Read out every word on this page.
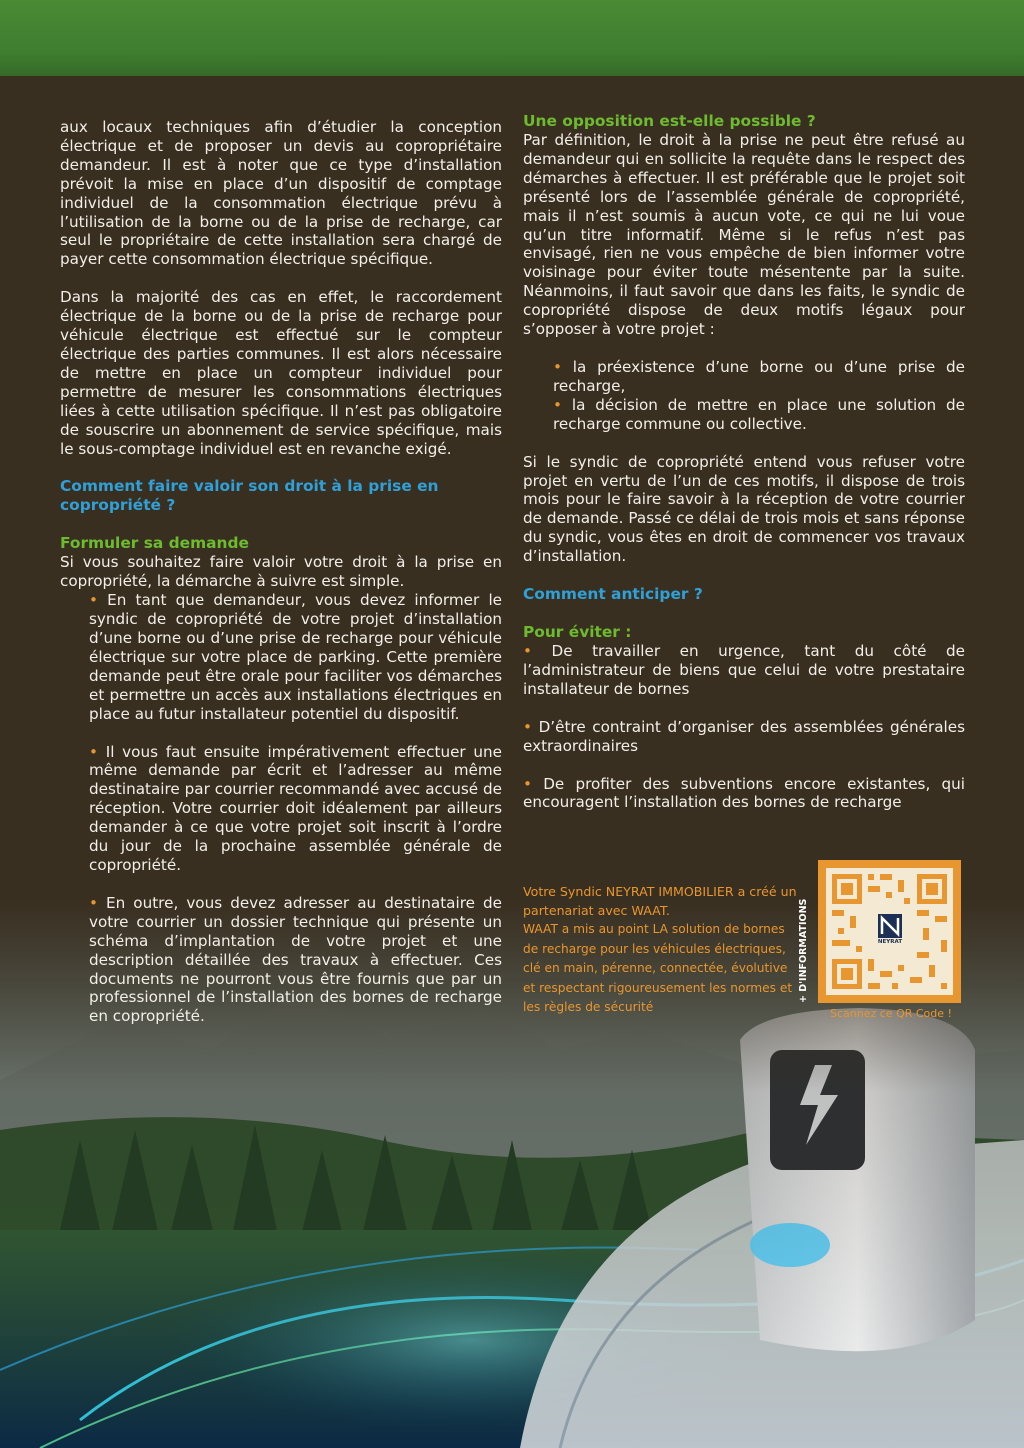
aux locaux techniques afin d’étudier la conception électrique et de proposer un devis au copropriétaire demandeur. Il est à noter que ce type d’installation prévoit la mise en place d’un dispositif de comptage individuel de la consommation électrique prévu à l’utilisation de la borne ou de la prise de recharge, car seul le propriétaire de cette installation sera chargé de payer cette consommation électrique spécifique.

Dans la majorité des cas en effet, le raccordement électrique de la borne ou de la prise de recharge pour véhicule électrique est effectué sur le compteur électrique des parties communes. Il est alors nécessaire de mettre en place un compteur individuel pour permettre de mesurer les consommations électriques liées à cette utilisation spécifique. Il n’est pas obligatoire de souscrire un abonnement de service spécifique, mais le sous-comptage individuel est en revanche exigé.

Comment faire valoir son droit à la prise en copropriété ?
Formuler sa demande

Si vous souhaitez faire valoir votre droit à la prise en copropriété, la démarche à suivre est simple.

• En tant que demandeur, vous devez informer le syndic de copropriété de votre projet d’installation d’une borne ou d’une prise de recharge pour véhicule électrique sur votre place de parking. Cette première demande peut être orale pour faciliter vos démarches et permettre un accès aux installations électriques en place au futur installateur potentiel du dispositif.

• Il vous faut ensuite impérativement effectuer une même demande par écrit et l’adresser au même destinataire par courrier recommandé avec accusé de réception. Votre courrier doit idéalement par ailleurs demander à ce que votre projet soit inscrit à l’ordre du jour de la prochaine assemblée générale de copropriété.

• En outre, vous devez adresser au destinataire de votre courrier un dossier technique qui présente un schéma d’implantation de votre projet et une description détaillée des travaux à effectuer. Ces documents ne pourront vous être fournis que par un professionnel de l’installation des bornes de recharge en copropriété.

Une opposition est-elle possible ?

Par définition, le droit à la prise ne peut être refusé au demandeur qui en sollicite la requête dans le respect des démarches à effectuer. Il est préférable que le projet soit présenté lors de l’assemblée générale de copropriété, mais il n’est soumis à aucun vote, ce qui ne lui voue qu’un titre informatif. Même si le refus n’est pas envisagé, rien ne vous empêche de bien informer votre voisinage pour éviter toute mésentente par la suite. Néanmoins, il faut savoir que dans les faits, le syndic de copropriété dispose de deux motifs légaux pour s’opposer à votre projet :

• la préexistence d’une borne ou d’une prise de recharge,

• la décision de mettre en place une solution de recharge commune ou collective.

Si le syndic de copropriété entend vous refuser votre projet en vertu de l’un de ces motifs, il dispose de trois mois pour le faire savoir à la réception de votre courrier de demande. Passé ce délai de trois mois et sans réponse du syndic, vous êtes en droit de commencer vos travaux d’installation.

Comment anticiper ?
Pour éviter :

• De travailler en urgence, tant du côté de l’administrateur de biens que celui de votre prestataire installateur de bornes

• D’être contraint d’organiser des assemblées générales extraordinaires

• De profiter des subventions encore existantes, qui encouragent l’installation des bornes de recharge

Votre Syndic NEYRAT IMMOBILIER a créé un partenariat avec WAAT.
WAAT a mis au point LA solution de bornes de recharge pour les véhicules électriques, clé en main, pérenne, connectée, évolutive et respectant rigoureusement les normes et les règles de sécurité
NEYRAT
Scannez ce QR Code !
